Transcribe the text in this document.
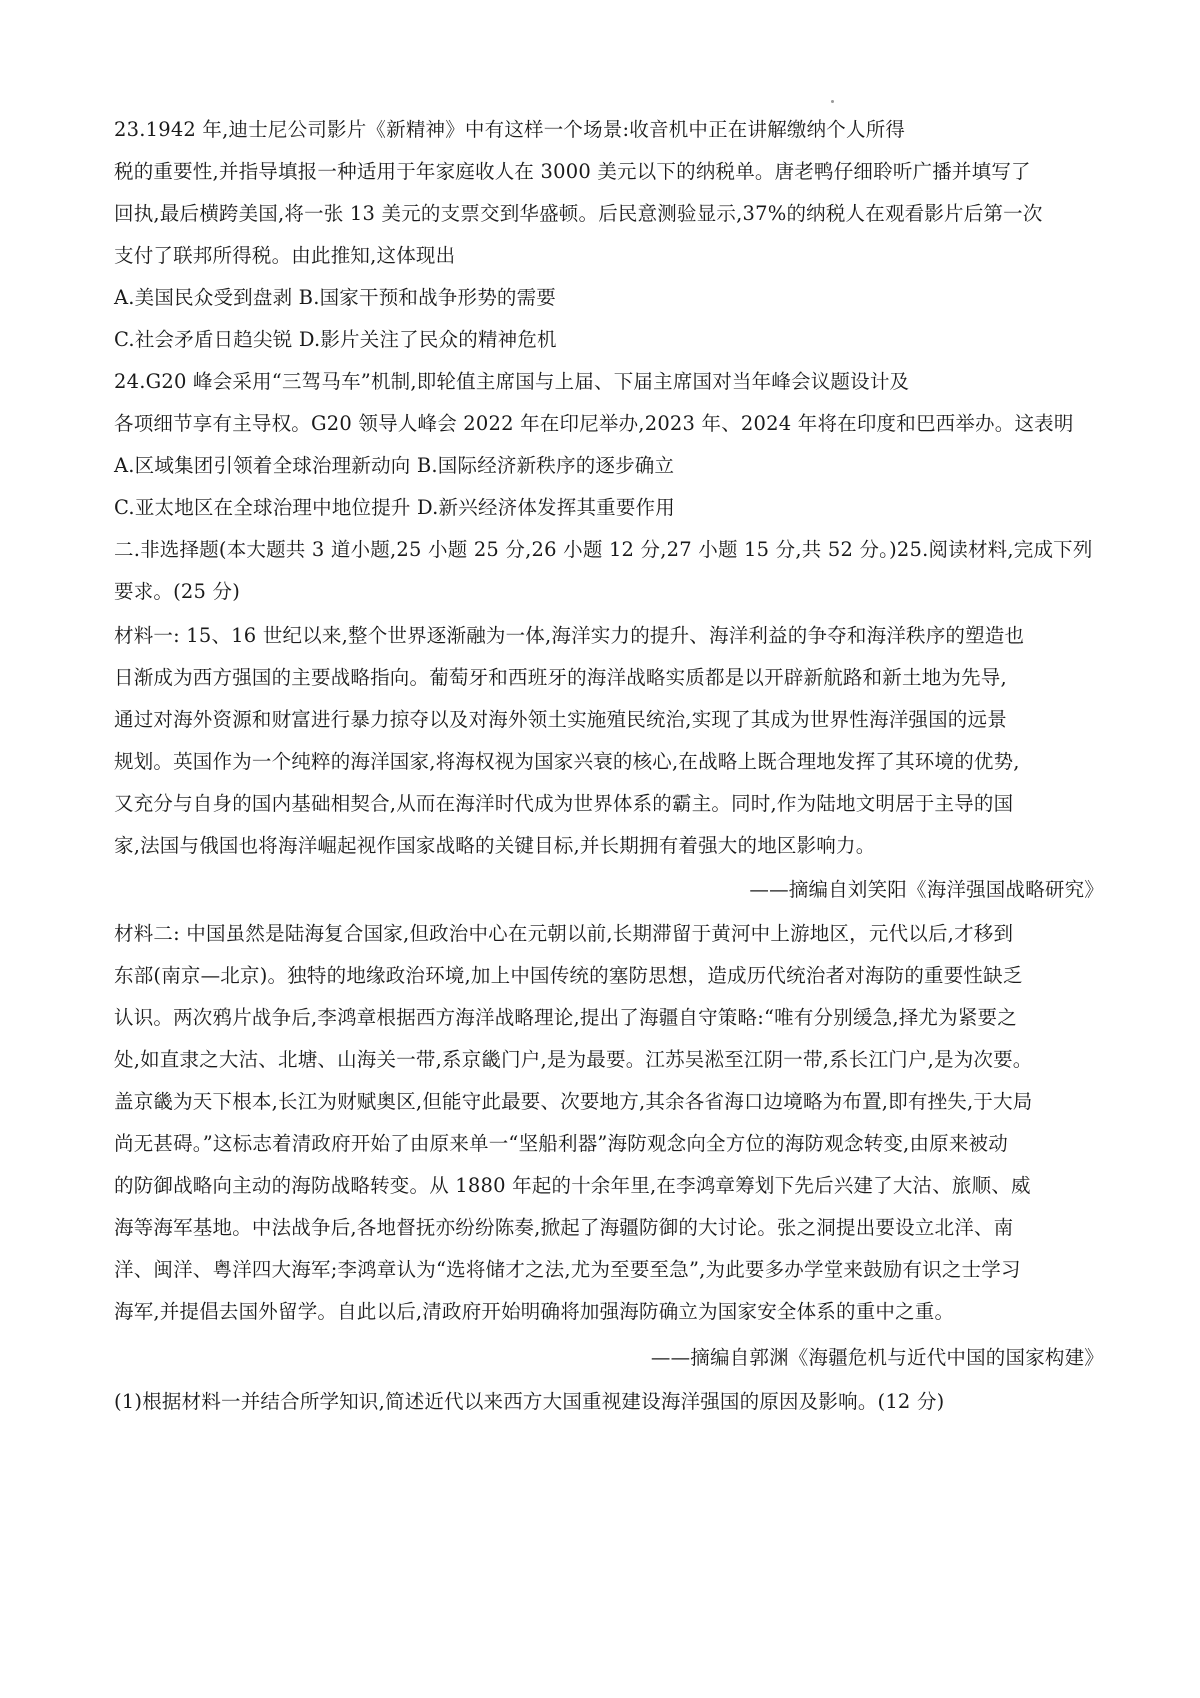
23.1942 年,迪士尼公司影片《新精神》中有这样一个场景:收音机中正在讲解缴纳个人所得
税的重要性,并指导填报一种适用于年家庭收人在 3000 美元以下的纳税单。唐老鸭仔细聆听广播并填写了
回执,最后横跨美国,将一张 13 美元的支票交到华盛顿。后民意测验显示,37%的纳税人在观看影片后第一次
支付了联邦所得税。由此推知,这体现出
A.美国民众受到盘剥 B.国家干预和战争形势的需要
C.社会矛盾日趋尖锐 D.影片关注了民众的精神危机
24.G20 峰会采用“三驾马车”机制,即轮值主席国与上届、下届主席国对当年峰会议题设计及
各项细节享有主导权。G20 领导人峰会 2022 年在印尼举办,2023 年、2024 年将在印度和巴西举办。这表明
A.区域集团引领着全球治理新动向 B.国际经济新秩序的逐步确立
C.亚太地区在全球治理中地位提升 D.新兴经济体发挥其重要作用
二.非选择题(本大题共 3 道小题,25 小题 25 分,26 小题 12 分,27 小题 15 分,共 52 分。)25.阅读材料,完成下列
要求。(25 分)
材料一: 15、16 世纪以来,整个世界逐渐融为一体,海洋实力的提升、海洋利益的争夺和海洋秩序的塑造也
日渐成为西方强国的主要战略指向。葡萄牙和西班牙的海洋战略实质都是以开辟新航路和新土地为先导,
通过对海外资源和财富进行暴力掠夺以及对海外领土实施殖民统治,实现了其成为世界性海洋强国的远景
规划。英国作为一个纯粹的海洋国家,将海权视为国家兴衰的核心,在战略上既合理地发挥了其环境的优势,
又充分与自身的国内基础相契合,从而在海洋时代成为世界体系的霸主。同时,作为陆地文明居于主导的国
家,法国与俄国也将海洋崛起视作国家战略的关键目标,并长期拥有着强大的地区影响力。
——摘编自刘笑阳《海洋强国战略研究》
材料二: 中国虽然是陆海复合国家,但政治中心在元朝以前,长期滞留于黄河中上游地区，元代以后,才移到
东部(南京—北京)。独特的地缘政治环境,加上中国传统的塞防思想，造成历代统治者对海防的重要性缺乏
认识。两次鸦片战争后,李鸿章根据西方海洋战略理论,提出了海疆自守策略:“唯有分别缓急,择尤为紧要之
处,如直隶之大沽、北塘、山海关一带,系京畿门户,是为最要。江苏吴淞至江阴一带,系长江门户,是为次要。
盖京畿为天下根本,长江为财赋奥区,但能守此最要、次要地方,其余各省海口边境略为布置,即有挫失,于大局
尚无甚碍。”这标志着清政府开始了由原来单一“坚船利器”海防观念向全方位的海防观念转变,由原来被动
的防御战略向主动的海防战略转变。从 1880 年起的十余年里,在李鸿章筹划下先后兴建了大沽、旅顺、威
海等海军基地。中法战争后,各地督抚亦纷纷陈奏,掀起了海疆防御的大讨论。张之洞提出要设立北洋、南
洋、闽洋、粤洋四大海军;李鸿章认为“选将储才之法,尤为至要至急”,为此要多办学堂来鼓励有识之士学习
海军,并提倡去国外留学。自此以后,清政府开始明确将加强海防确立为国家安全体系的重中之重。
——摘编自郭渊《海疆危机与近代中国的国家构建》
(1)根据材料一并结合所学知识,简述近代以来西方大国重视建设海洋强国的原因及影响。(12 分)
